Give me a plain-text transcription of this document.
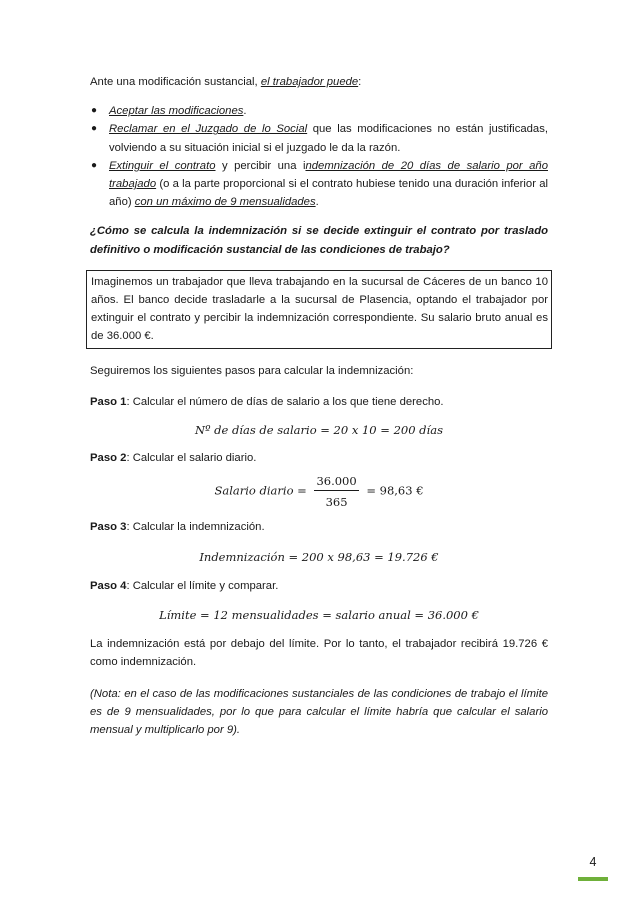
Ante una modificación sustancial, el trabajador puede:

● Aceptar las modificaciones.
● Reclamar en el Juzgado de lo Social que las modificaciones no están justificadas, volviendo a su situación inicial si el juzgado le da la razón.
● Extinguir el contrato y percibir una indemnización de 20 días de salario por año trabajado (o a la parte proporcional si el contrato hubiese tenido una duración inferior al año) con un máximo de 9 mensualidades.

¿Cómo se calcula la indemnización si se decide extinguir el contrato por traslado definitivo o modificación sustancial de las condiciones de trabajo?

Imaginemos un trabajador que lleva trabajando en la sucursal de Cáceres de un banco 10 años. El banco decide trasladarle a la sucursal de Plasencia, optando el trabajador por extinguir el contrato y percibir la indemnización correspondiente. Su salario bruto anual es de 36.000 €.

Seguiremos los siguientes pasos para calcular la indemnización:

Paso 1: Calcular el número de días de salario a los que tiene derecho.

Nº de días de salario = 20 x 10 = 200 días

Paso 2: Calcular el salario diario.

Salario diario = $\frac{36.000}{365} = 98,63$ €

Paso 3: Calcular la indemnización.

Indemnización = 200 x 98,63 = 19.726 €

Paso 4: Calcular el límite y comparar.

Límite = 12 mensualidades = salario anual = 36.000 €

La indemnización está por debajo del límite. Por lo tanto, el trabajador recibirá 19.726 € como indemnización.

(Nota: en el caso de las modificaciones sustanciales de las condiciones de trabajo el límite es de 9 mensualidades, por lo que para calcular el límite habría que calcular el salario mensual y multiplicarlo por 9).

4
